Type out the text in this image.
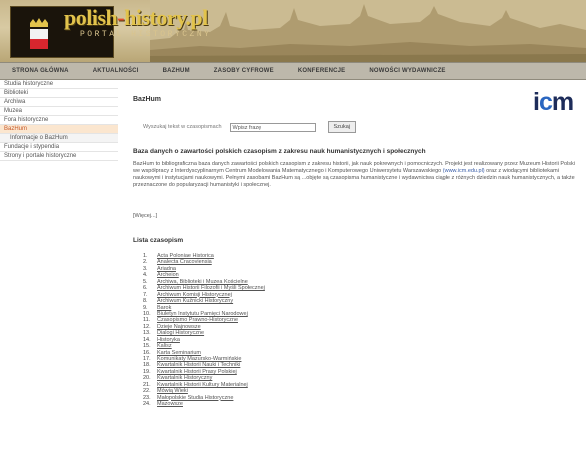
polish-history.pl
PORTAL HISTORYCZNY
STRONA GŁÓWNA	AKTUALNOŚCI	BAZHUM	ZASOBY CYFROWE	KONFERENCJE	NOWOŚCI WYDAWNICZE
Studia historyczne
Biblioteki
Archiwa
Muzea
Fora historyczne
BazHum
Informacje o BazHum
Fundacje i stypendia
Strony i portale historyczne
BazHum	icm
Wyszukaj tekst w czasopismach	Wpisz frazę	Szukaj
Baza danych o zawartości polskich czasopism z zakresu nauk humanistycznych i społecznych
BazHum to bibliograficzna baza danych zawartości polskich czasopism z zakresu historii, jak nauk pokrewnych i pomocniczych. Projekt jest realizowany przez Muzeum Historii Polski we współpracy z Interdyscyplinarnym Centrum Modelowania Matematycznego i Komputerowego Uniwersytetu Warszawskiego (www.icm.edu.pl) oraz z wiodącymi bibliotekami naukowymi i instytucjami naukowymi. Pełnymi zasobami BazHum są ...objęte są czasopisma humanistyczne i wydawnictwa ciągłe z różnych dziedzin nauk humanistycznych, a także przeznaczone do popularyzacji humanistyki i społecznej.
[Więcej...]
Lista czasopism
1. Acta Poloniae Historica
2. Analecta Cracoviensia
3. Ariadna
4. Archeion
5. Archiwa, Biblioteki i Muzea Kościelne
6. Archiwum Historii Filozofii i Myśli Społecznej
7. Archiwum Komisji Historycznej
8. Archiwum Kuźnicki Historyczny
9. Barok
10. Biuletyn Instytutu Pamięci Narodowej
11. Czasopismo Prawno-Historyczne
12. Dzieje Najnowsze
13. Dialogi Historyczne
14. Historyka
15. Kalisz
16. Karta Seminarium
17. Komunikaty Mazursko-Warmińskie
18. Kwartalnik Historii Nauki i Techniki
19. Kwartalnik Historii Prasy Polskiej
20. Kwartalnik Historyczny
21. Kwartalnik Historii Kultury Materialnej
22. Mówią Wieki
23. Małopolskie Studia Historyczne
24. Mazowsze
